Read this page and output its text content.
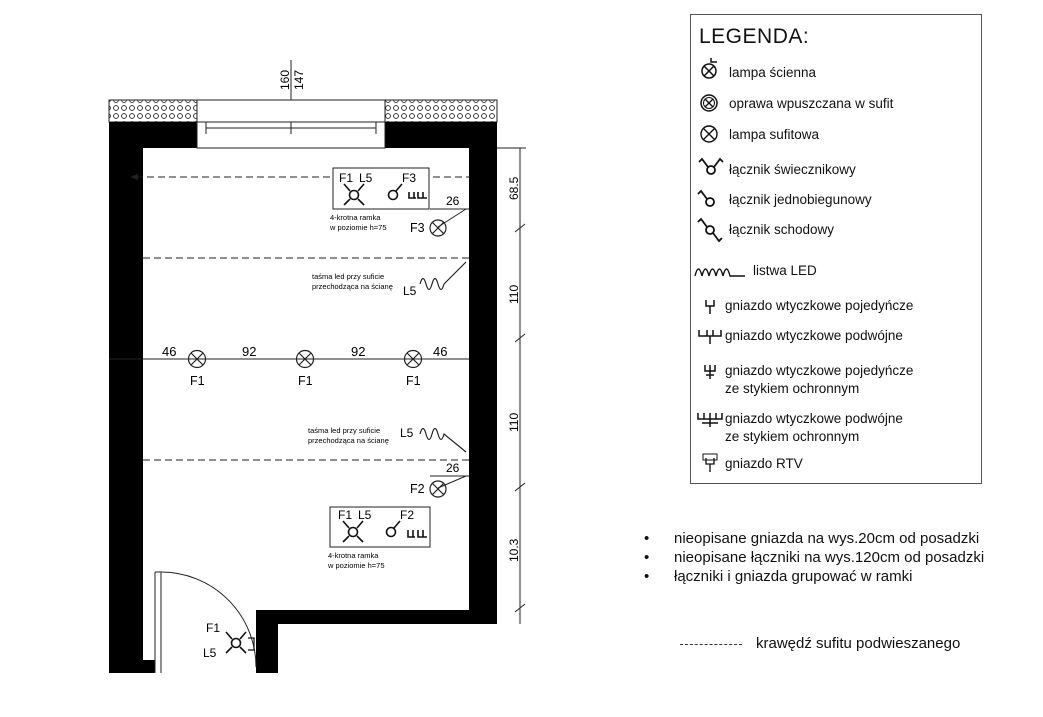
160 147
68.5
110
110
10.3
46	92	92	46
F1	F1	F1
F1 L5 F3
4-krotna ramka
w poziomie h=75
26
F3
L5
taśma led przy suficie
przechodząca na ścianę
L5
taśma led przy suficie
przechodząca na ścianę
26
F2
F1 L5 F2
4-krotna ramka
w poziomie h=75
F1
L5
LEGENDA:
lampa ścienna
oprawa wpuszczana w sufit
lampa sufitowa
łącznik świecznikowy
łącznik jednobiegunowy
łącznik schodowy
listwa LED
gniazdo wtyczkowe pojedyńcze
gniazdo wtyczkowe podwójne
gniazdo wtyczkowe pojedyńcze
ze stykiem ochronnym
gniazdo wtyczkowe podwójne
ze stykiem ochronnym
gniazdo RTV
• nieopisane gniazda na wys.20cm od posadzki
• nieopisane łączniki na wys.120cm od posadzki
• łączniki i gniazda grupować w ramki
krawędź sufitu podwieszanego
